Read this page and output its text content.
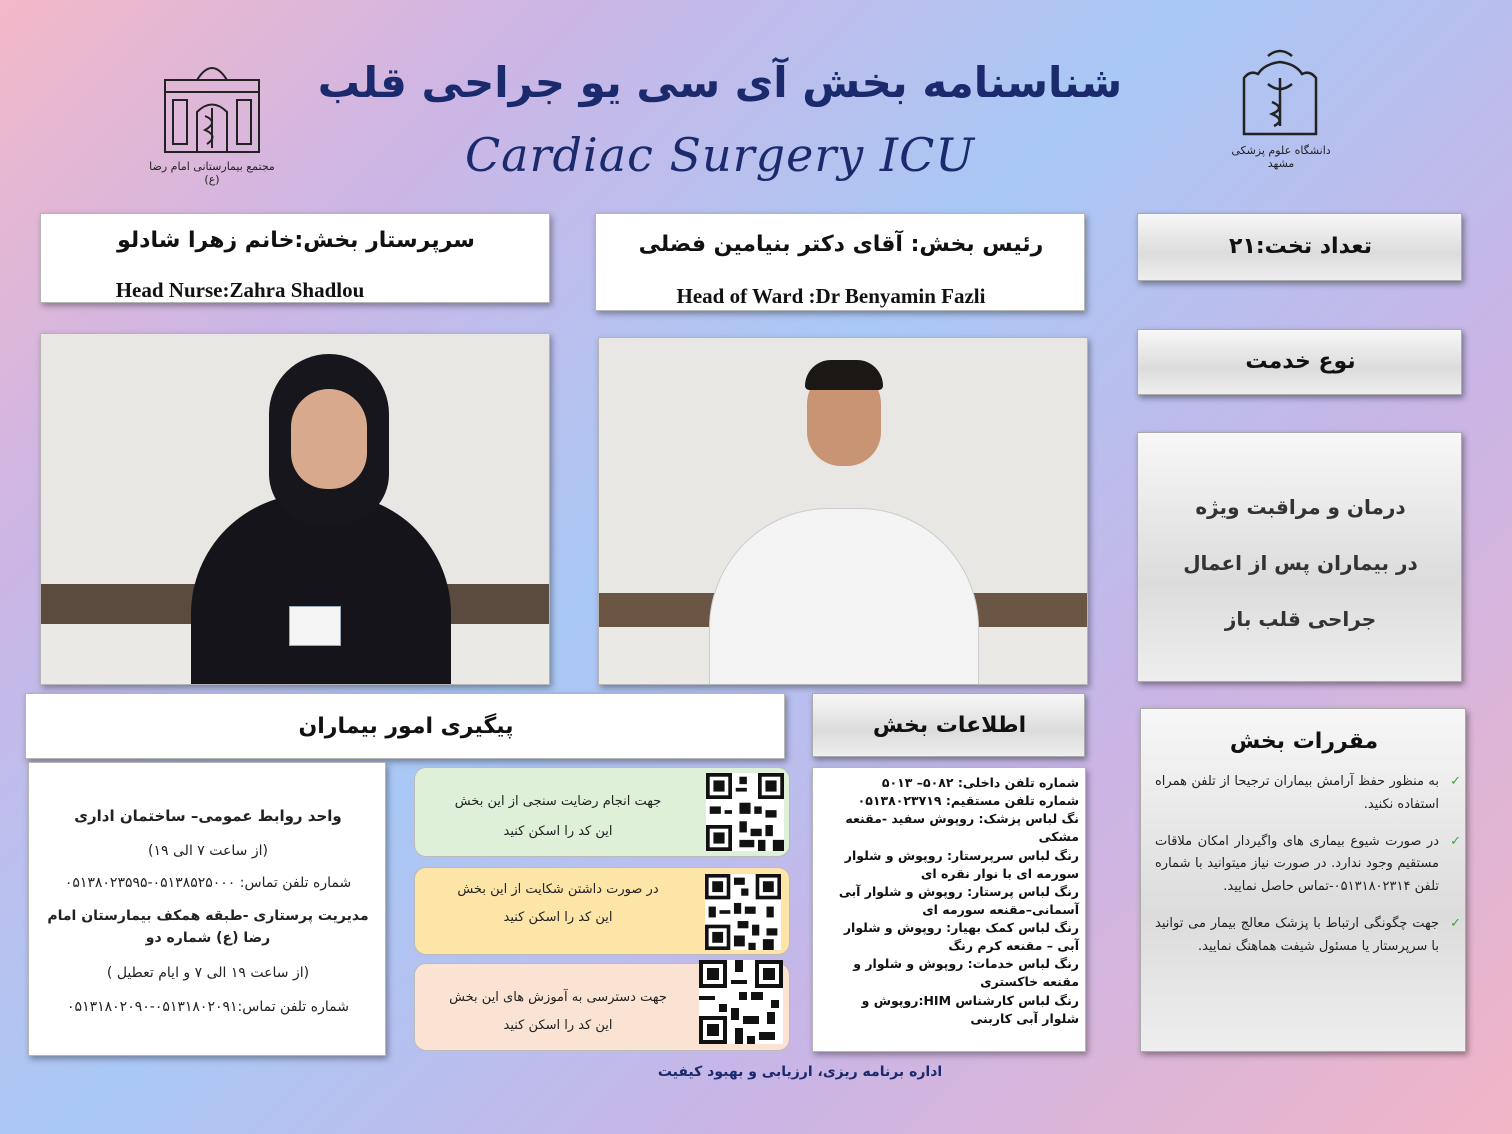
شناسنامه بخش آی سی یو جراحی قلب
Cardiac Surgery ICU
مجتمع بیمارستانی امام رضا (ع)
دانشگاه علوم پزشکی مشهد
سرپرستار بخش:خانم زهرا شادلو
Head Nurse:Zahra Shadlou
رئیس بخش: آقای دکتر بنیامین فضلی
Head of Ward :Dr Benyamin Fazli
تعداد تخت:۲۱
نوع خدمت
درمان و مراقبت ویژه
در بیماران پس از اعمال
جراحی قلب باز
پیگیری امور بیماران	اطلاعات بخش
واحد روابط عمومی– ساختمان اداری
(از ساعت ۷ الی ۱۹)
شماره تلفن تماس: ۰۵۱۳۸۵۲۵۰۰۰-۰۵۱۳۸۰۲۳۵۹۵
مدیریت پرستاری -طبقه همکف بیمارستان امام رضا (ع) شماره دو
(از ساعت ۱۹ الی ۷ و ایام تعطیل )
شماره تلفن تماس:۰۵۱۳۱۸۰۲۰۹۱-۰۵۱۳۱۸۰۲۰۹۰
جهت انجام رضایت سنجی از این بخش
این کد را اسکن کنید
در صورت داشتن شکایت از این بخش
این کد را اسکن کنید
جهت دسترسی به آموزش های این بخش
این کد را اسکن کنید
شماره تلفن داخلی: ۵۰۸۲– ۵۰۱۳
شماره تلفن مستقیم: ۰۵۱۳۸۰۲۳۷۱۹
نگ لباس پزشک: روپوش سفید -مقنعه مشکی
رنگ لباس سرپرستار: روپوش و شلوار سورمه ای با نوار نقره ای
رنگ لباس پرستار: روپوش و شلوار آبی آسمانی–مقنعه سورمه ای
رنگ لباس کمک بهیار: روپوش و شلوار آبی – مقنعه کرم رنگ
رنگ لباس خدمات: روپوش و شلوار و مقنعه خاکستری
رنگ لباس کارشناس HIM:روپوش و شلوار آبی کاربنی
مقررات بخش
✓
به منظور حفظ آرامش بیماران ترجیحا از تلفن همراه استفاده نکنید.
✓
در صورت شیوع بیماری های واگیردار امکان ملاقات مستقیم وجود ندارد. در صورت نیاز میتوانید با شماره تلفن ۰۵۱۳۱۸۰۲۳۱۴-تماس حاصل نمایید.
✓
جهت چگونگی ارتباط با پزشک معالج بیمار می توانید با سرپرستار یا مسئول شیفت هماهنگ نمایید.
اداره برنامه ریزی، ارزیابی و بهبود کیفیت
